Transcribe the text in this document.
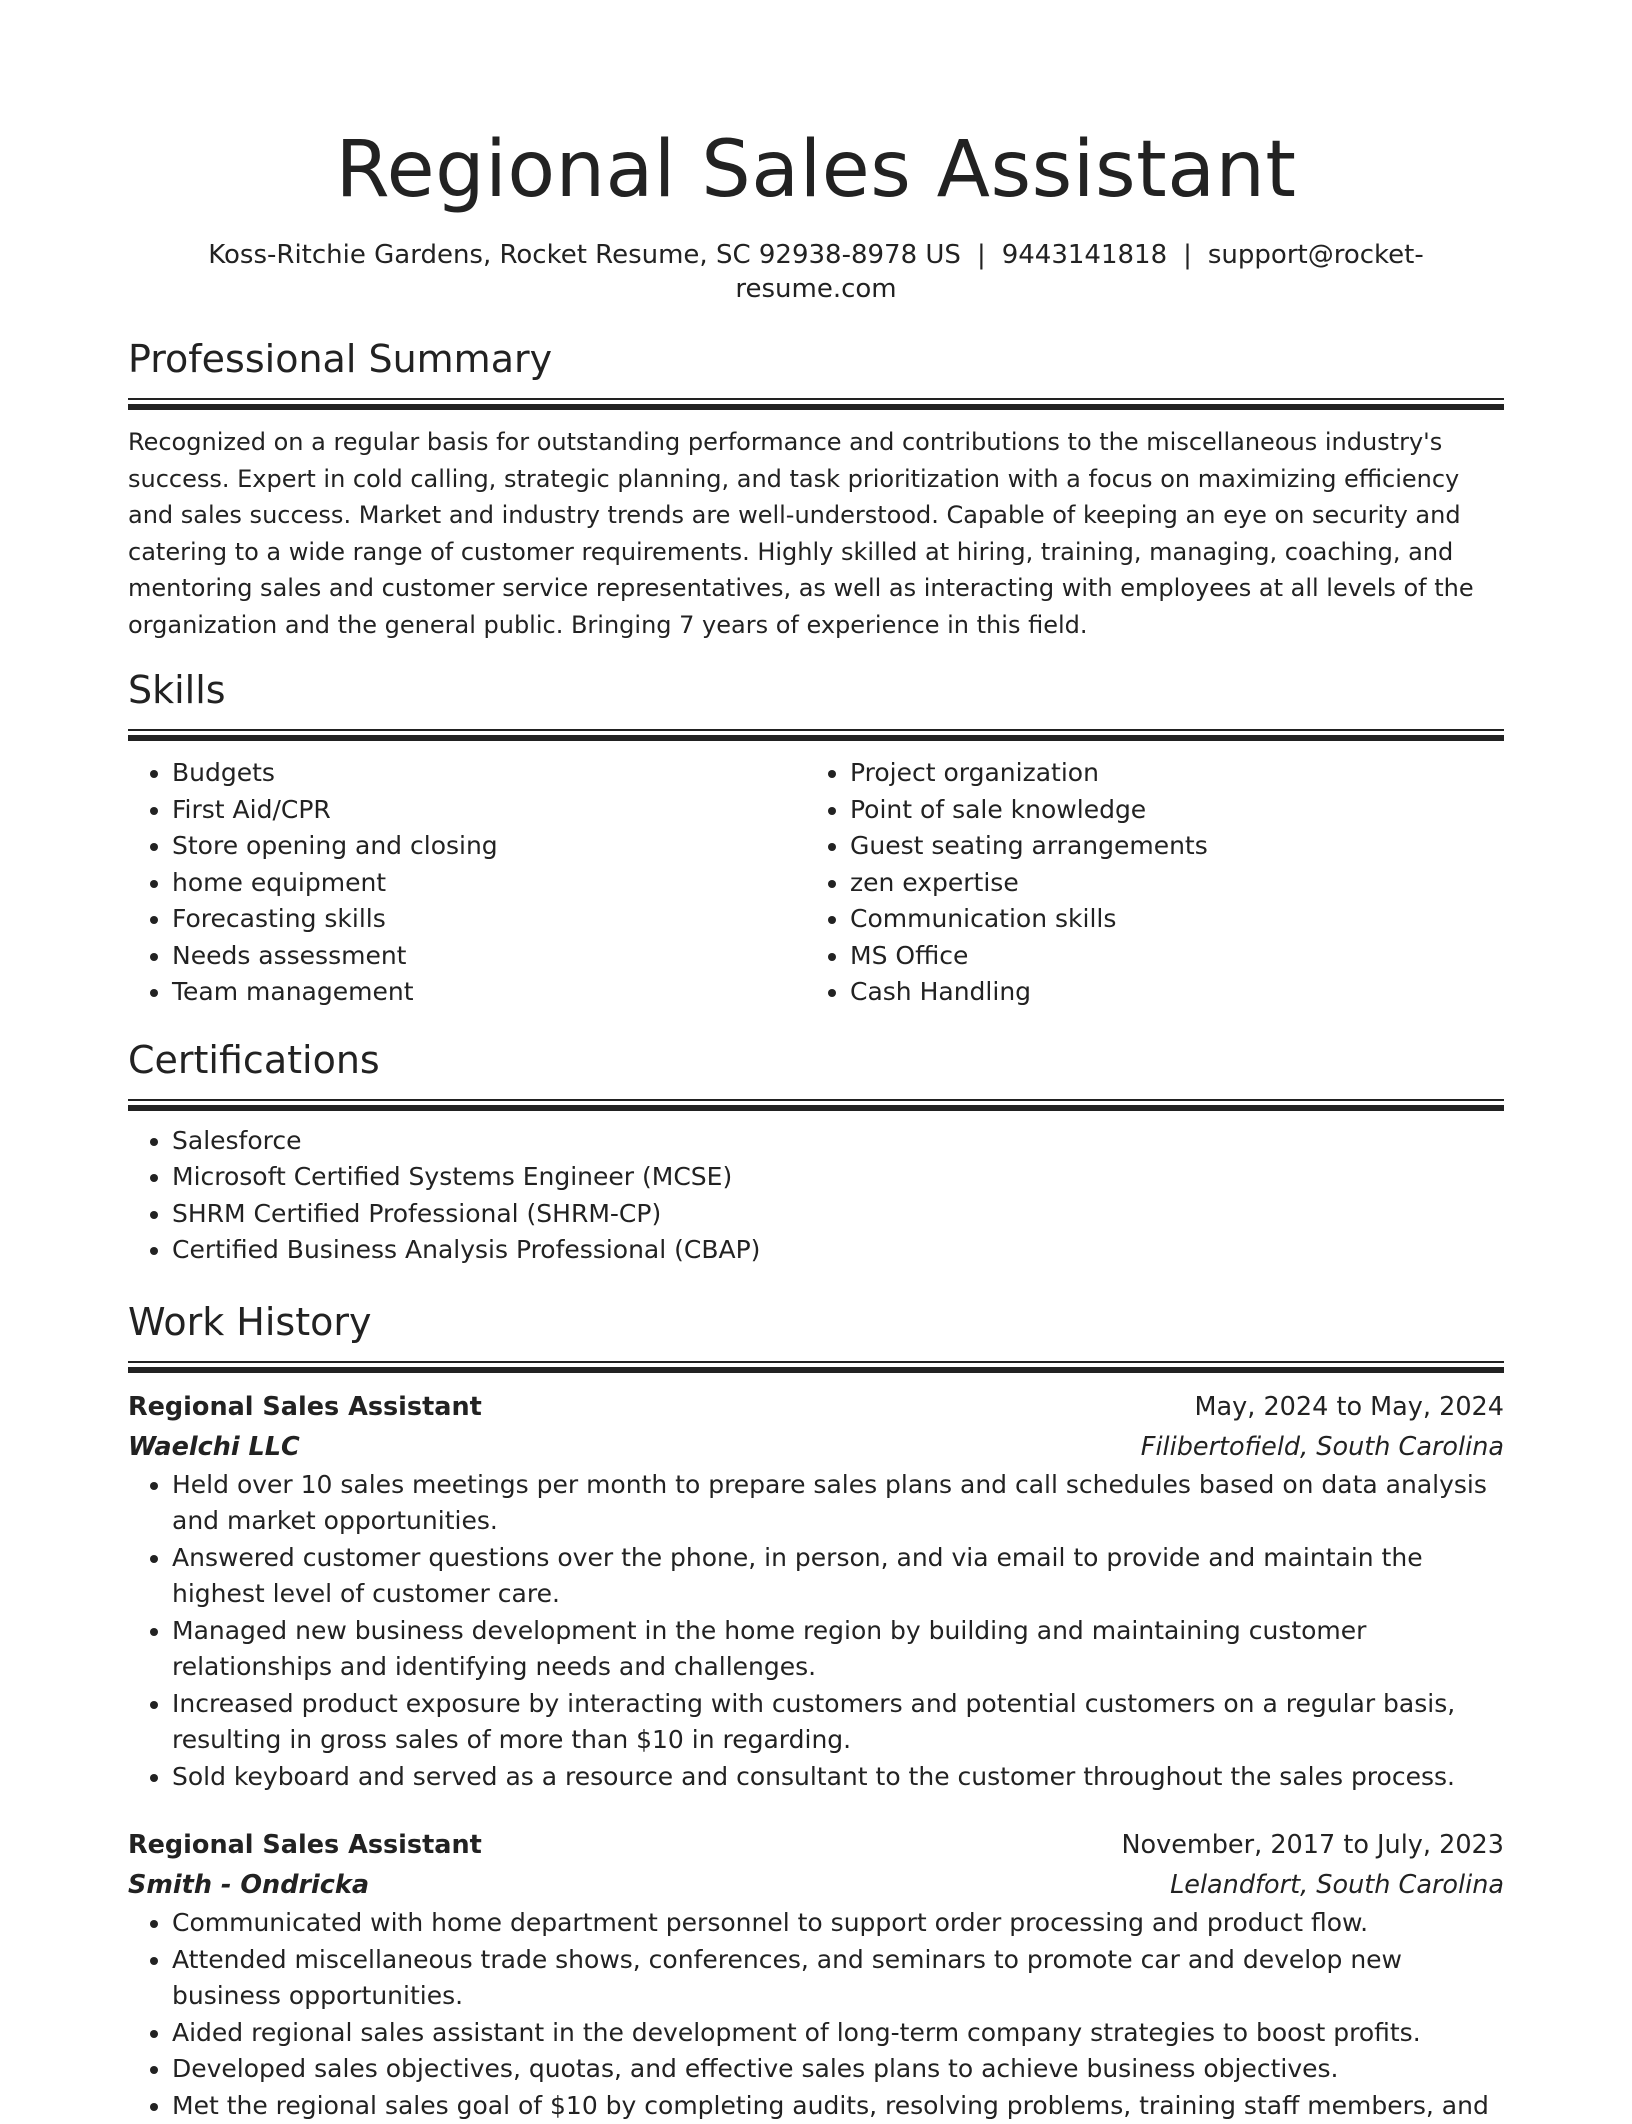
Regional Sales Assistant
Koss-Ritchie Gardens, Rocket Resume, SC 92938-8978 US | 9443141818 | support@rocket-resume.com
Professional Summary
Recognized on a regular basis for outstanding performance and contributions to the miscellaneous industry's success. Expert in cold calling, strategic planning, and task prioritization with a focus on maximizing efficiency and sales success. Market and industry trends are well-understood. Capable of keeping an eye on security and catering to a wide range of customer requirements. Highly skilled at hiring, training, managing, coaching, and mentoring sales and customer service representatives, as well as interacting with employees at all levels of the organization and the general public. Bringing 7 years of experience in this field.
Skills
• Budgets
• First Aid/CPR
• Store opening and closing
• home equipment
• Forecasting skills
• Needs assessment
• Team management
• Project organization
• Point of sale knowledge
• Guest seating arrangements
• zen expertise
• Communication skills
• MS Office
• Cash Handling
Certifications
• Salesforce
• Microsoft Certified Systems Engineer (MCSE)
• SHRM Certified Professional (SHRM-CP)
• Certified Business Analysis Professional (CBAP)
Work History
Regional Sales Assistant	May, 2024 to May, 2024
Waelchi LLC	Filibertofield, South Carolina
• Held over 10 sales meetings per month to prepare sales plans and call schedules based on data analysis and market opportunities.
• Answered customer questions over the phone, in person, and via email to provide and maintain the highest level of customer care.
• Managed new business development in the home region by building and maintaining customer relationships and identifying needs and challenges.
• Increased product exposure by interacting with customers and potential customers on a regular basis, resulting in gross sales of more than $10 in regarding.
• Sold keyboard and served as a resource and consultant to the customer throughout the sales process.
Regional Sales Assistant	November, 2017 to July, 2023
Smith - Ondricka	Lelandfort, South Carolina
• Communicated with home department personnel to support order processing and product flow.
• Attended miscellaneous trade shows, conferences, and seminars to promote car and develop new business opportunities.
• Aided regional sales assistant in the development of long-term company strategies to boost profits.
• Developed sales objectives, quotas, and effective sales plans to achieve business objectives.
• Met the regional sales goal of $10 by completing audits, resolving problems, training staff members, and
